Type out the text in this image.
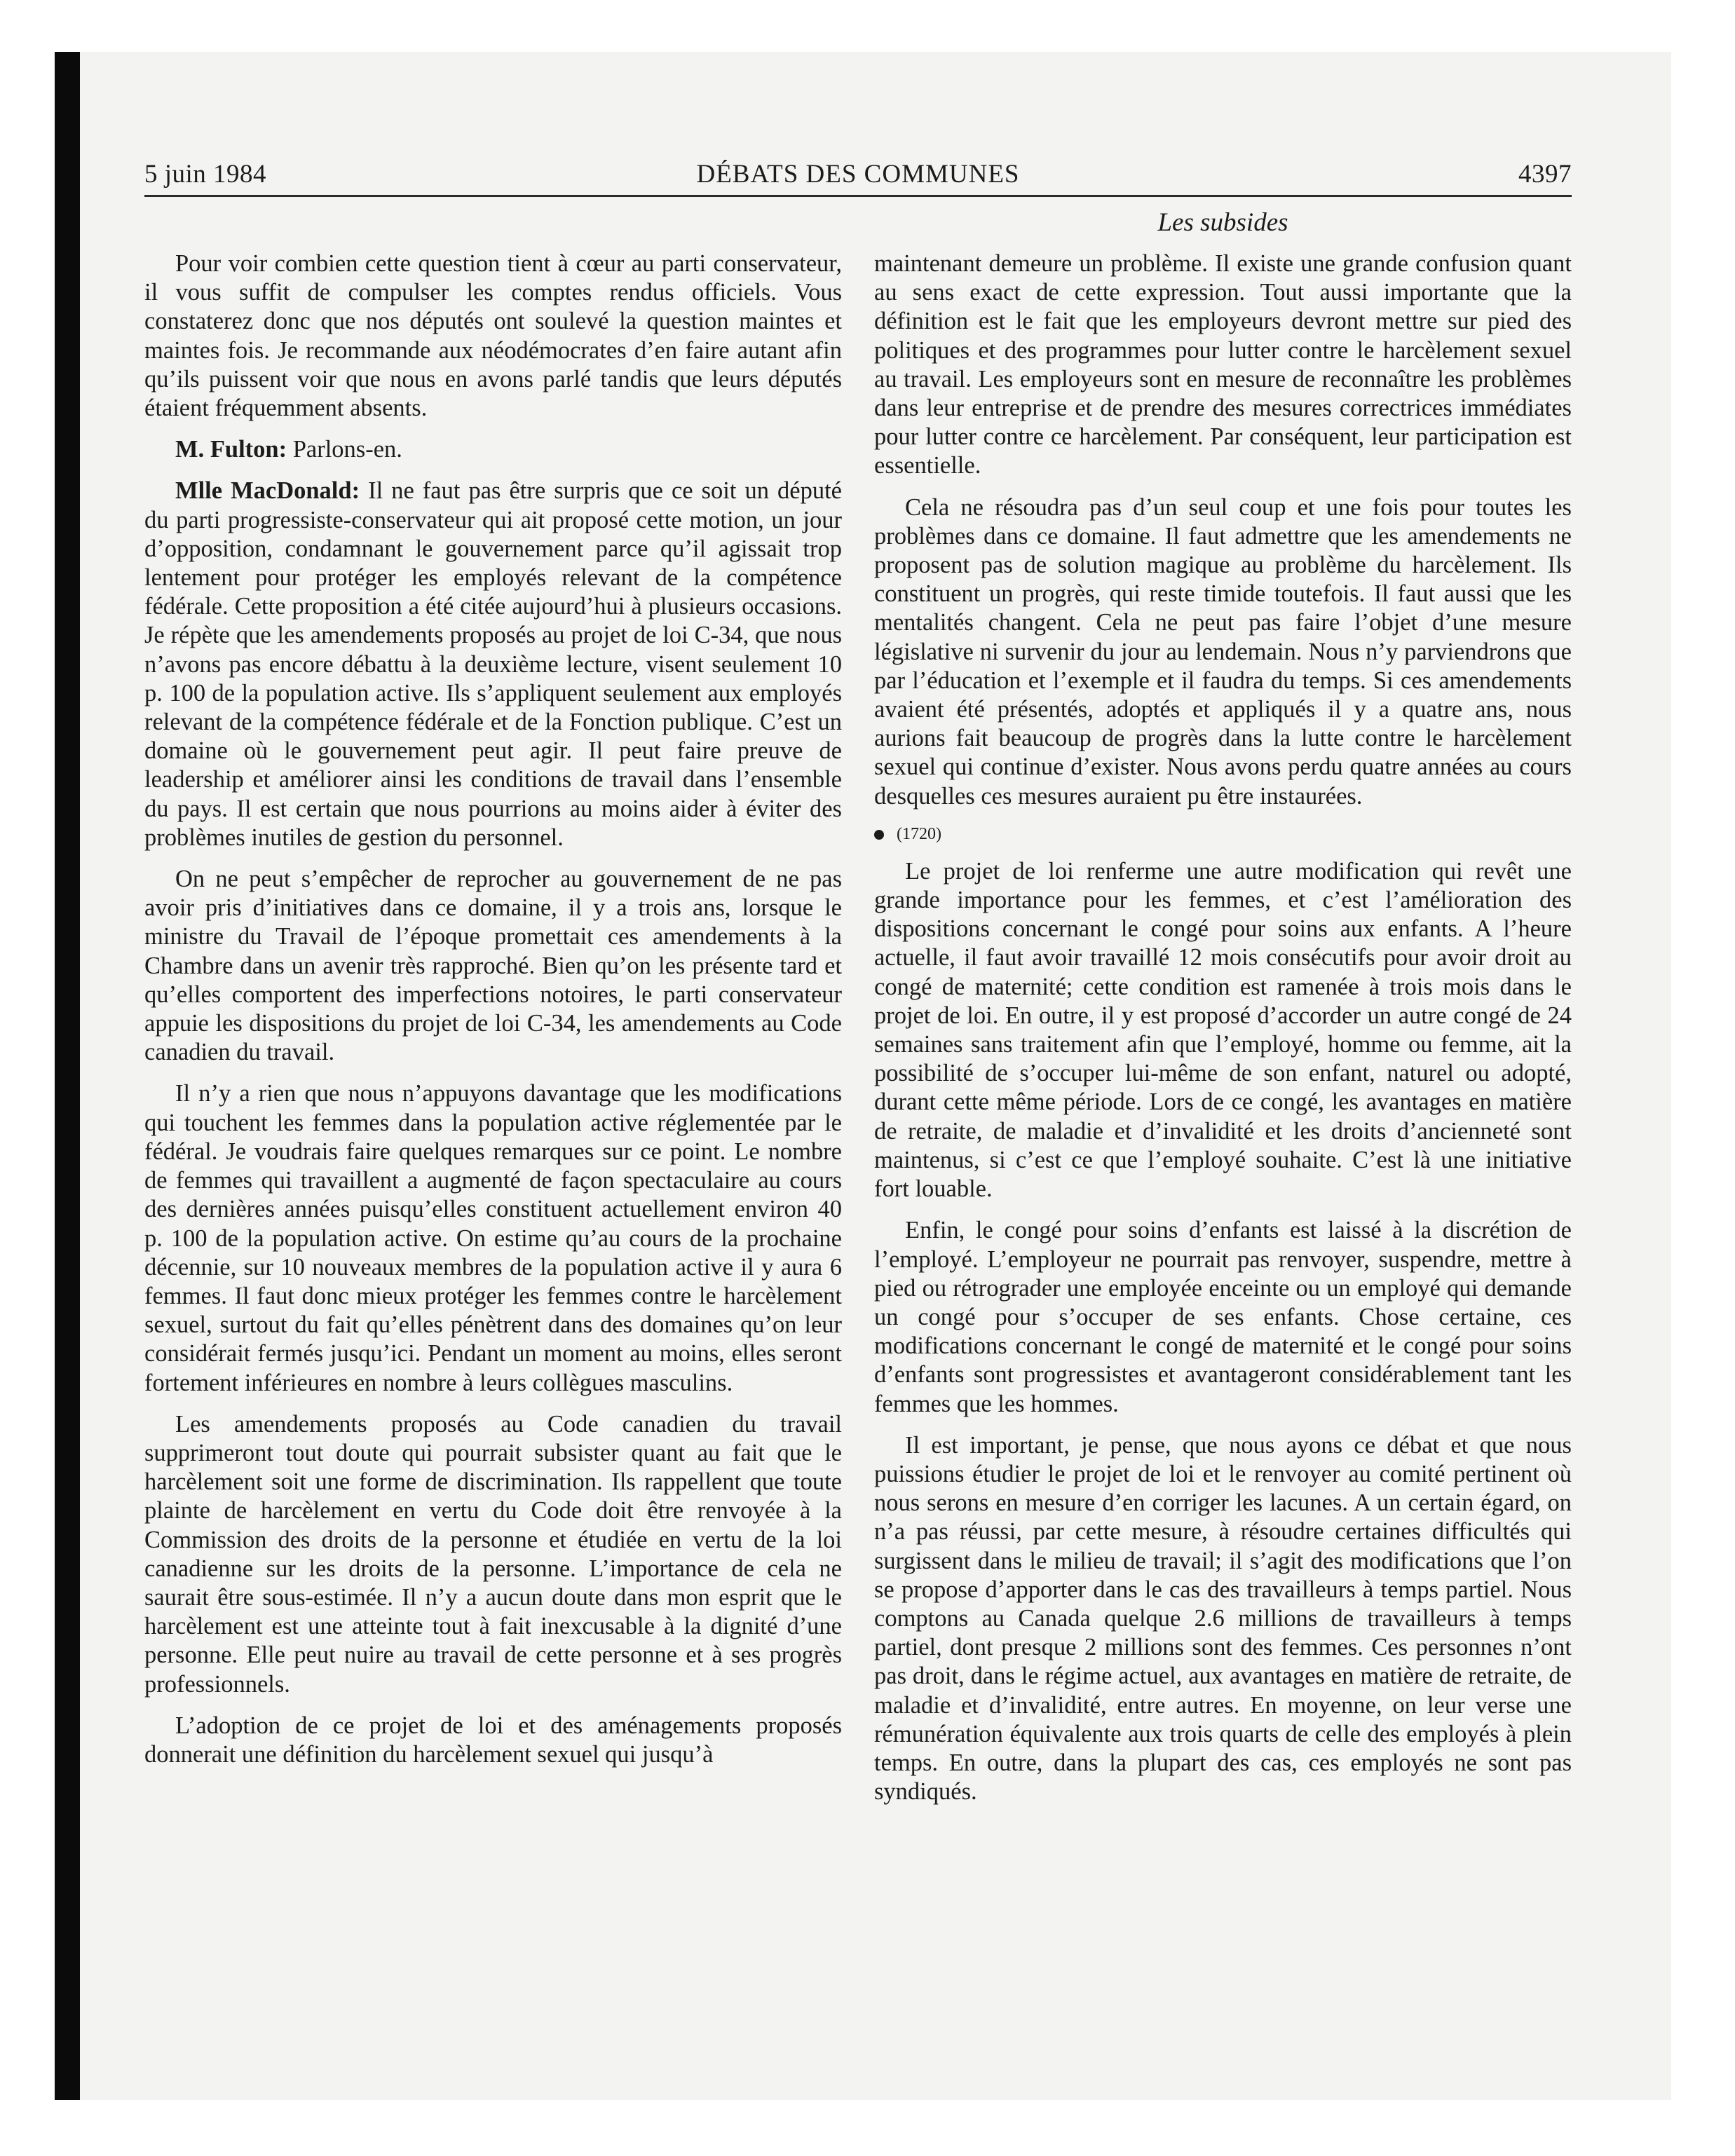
5 juin 1984	DÉBATS DES COMMUNES	4397
Les subsides

Pour voir combien cette question tient à cœur au parti conservateur, il vous suffit de compulser les comptes rendus officiels. Vous constaterez donc que nos députés ont soulevé la question maintes et maintes fois. Je recommande aux néodémocrates d’en faire autant afin qu’ils puissent voir que nous en avons parlé tandis que leurs députés étaient fréquemment absents.

M. Fulton: Parlons-en.

Mlle MacDonald: Il ne faut pas être surpris que ce soit un député du parti progressiste-conservateur qui ait proposé cette motion, un jour d’opposition, condamnant le gouvernement parce qu’il agissait trop lentement pour protéger les employés relevant de la compétence fédérale. Cette proposition a été citée aujourd’hui à plusieurs occasions. Je répète que les amendements proposés au projet de loi C-34, que nous n’avons pas encore débattu à la deuxième lecture, visent seulement 10 p. 100 de la population active. Ils s’appliquent seulement aux employés relevant de la compétence fédérale et de la Fonction publique. C’est un domaine où le gouvernement peut agir. Il peut faire preuve de leadership et améliorer ainsi les conditions de travail dans l’ensemble du pays. Il est certain que nous pourrions au moins aider à éviter des problèmes inutiles de gestion du personnel.

On ne peut s’empêcher de reprocher au gouvernement de ne pas avoir pris d’initiatives dans ce domaine, il y a trois ans, lorsque le ministre du Travail de l’époque promettait ces amendements à la Chambre dans un avenir très rapproché. Bien qu’on les présente tard et qu’elles comportent des imperfections notoires, le parti conservateur appuie les dispositions du projet de loi C-34, les amendements au Code canadien du travail.

Il n’y a rien que nous n’appuyons davantage que les modifications qui touchent les femmes dans la population active réglementée par le fédéral. Je voudrais faire quelques remarques sur ce point. Le nombre de femmes qui travaillent a augmenté de façon spectaculaire au cours des dernières années puisqu’elles constituent actuellement environ 40 p. 100 de la population active. On estime qu’au cours de la prochaine décennie, sur 10 nouveaux membres de la population active il y aura 6 femmes. Il faut donc mieux protéger les femmes contre le harcèlement sexuel, surtout du fait qu’elles pénètrent dans des domaines qu’on leur considérait fermés jusqu’ici. Pendant un moment au moins, elles seront fortement inférieures en nombre à leurs collègues masculins.

Les amendements proposés au Code canadien du travail supprimeront tout doute qui pourrait subsister quant au fait que le harcèlement soit une forme de discrimination. Ils rappellent que toute plainte de harcèlement en vertu du Code doit être renvoyée à la Commission des droits de la personne et étudiée en vertu de la loi canadienne sur les droits de la personne. L’importance de cela ne saurait être sous-estimée. Il n’y a aucun doute dans mon esprit que le harcèlement est une atteinte tout à fait inexcusable à la dignité d’une personne. Elle peut nuire au travail de cette personne et à ses progrès professionnels.

L’adoption de ce projet de loi et des aménagements proposés donnerait une définition du harcèlement sexuel qui jusqu’à

maintenant demeure un problème. Il existe une grande confusion quant au sens exact de cette expression. Tout aussi importante que la définition est le fait que les employeurs devront mettre sur pied des politiques et des programmes pour lutter contre le harcèlement sexuel au travail. Les employeurs sont en mesure de reconnaître les problèmes dans leur entreprise et de prendre des mesures correctrices immédiates pour lutter contre ce harcèlement. Par conséquent, leur participation est essentielle.

Cela ne résoudra pas d’un seul coup et une fois pour toutes les problèmes dans ce domaine. Il faut admettre que les amendements ne proposent pas de solution magique au problème du harcèlement. Ils constituent un progrès, qui reste timide toutefois. Il faut aussi que les mentalités changent. Cela ne peut pas faire l’objet d’une mesure législative ni survenir du jour au lendemain. Nous n’y parviendrons que par l’éducation et l’exemple et il faudra du temps. Si ces amendements avaient été présentés, adoptés et appliqués il y a quatre ans, nous aurions fait beaucoup de progrès dans la lutte contre le harcèlement sexuel qui continue d’exister. Nous avons perdu quatre années au cours desquelles ces mesures auraient pu être instaurées.

(1720)

Le projet de loi renferme une autre modification qui revêt une grande importance pour les femmes, et c’est l’amélioration des dispositions concernant le congé pour soins aux enfants. A l’heure actuelle, il faut avoir travaillé 12 mois consécutifs pour avoir droit au congé de maternité; cette condition est ramenée à trois mois dans le projet de loi. En outre, il y est proposé d’accorder un autre congé de 24 semaines sans traitement afin que l’employé, homme ou femme, ait la possibilité de s’occuper lui-même de son enfant, naturel ou adopté, durant cette même période. Lors de ce congé, les avantages en matière de retraite, de maladie et d’invalidité et les droits d’ancienneté sont maintenus, si c’est ce que l’employé souhaite. C’est là une initiative fort louable.

Enfin, le congé pour soins d’enfants est laissé à la discrétion de l’employé. L’employeur ne pourrait pas renvoyer, suspendre, mettre à pied ou rétrograder une employée enceinte ou un employé qui demande un congé pour s’occuper de ses enfants. Chose certaine, ces modifications concernant le congé de maternité et le congé pour soins d’enfants sont progressistes et avantageront considérablement tant les femmes que les hommes.

Il est important, je pense, que nous ayons ce débat et que nous puissions étudier le projet de loi et le renvoyer au comité pertinent où nous serons en mesure d’en corriger les lacunes. A un certain égard, on n’a pas réussi, par cette mesure, à résoudre certaines difficultés qui surgissent dans le milieu de travail; il s’agit des modifications que l’on se propose d’apporter dans le cas des travailleurs à temps partiel. Nous comptons au Canada quelque 2.6 millions de travailleurs à temps partiel, dont presque 2 millions sont des femmes. Ces personnes n’ont pas droit, dans le régime actuel, aux avantages en matière de retraite, de maladie et d’invalidité, entre autres. En moyenne, on leur verse une rémunération équivalente aux trois quarts de celle des employés à plein temps. En outre, dans la plupart des cas, ces employés ne sont pas syndiqués.
